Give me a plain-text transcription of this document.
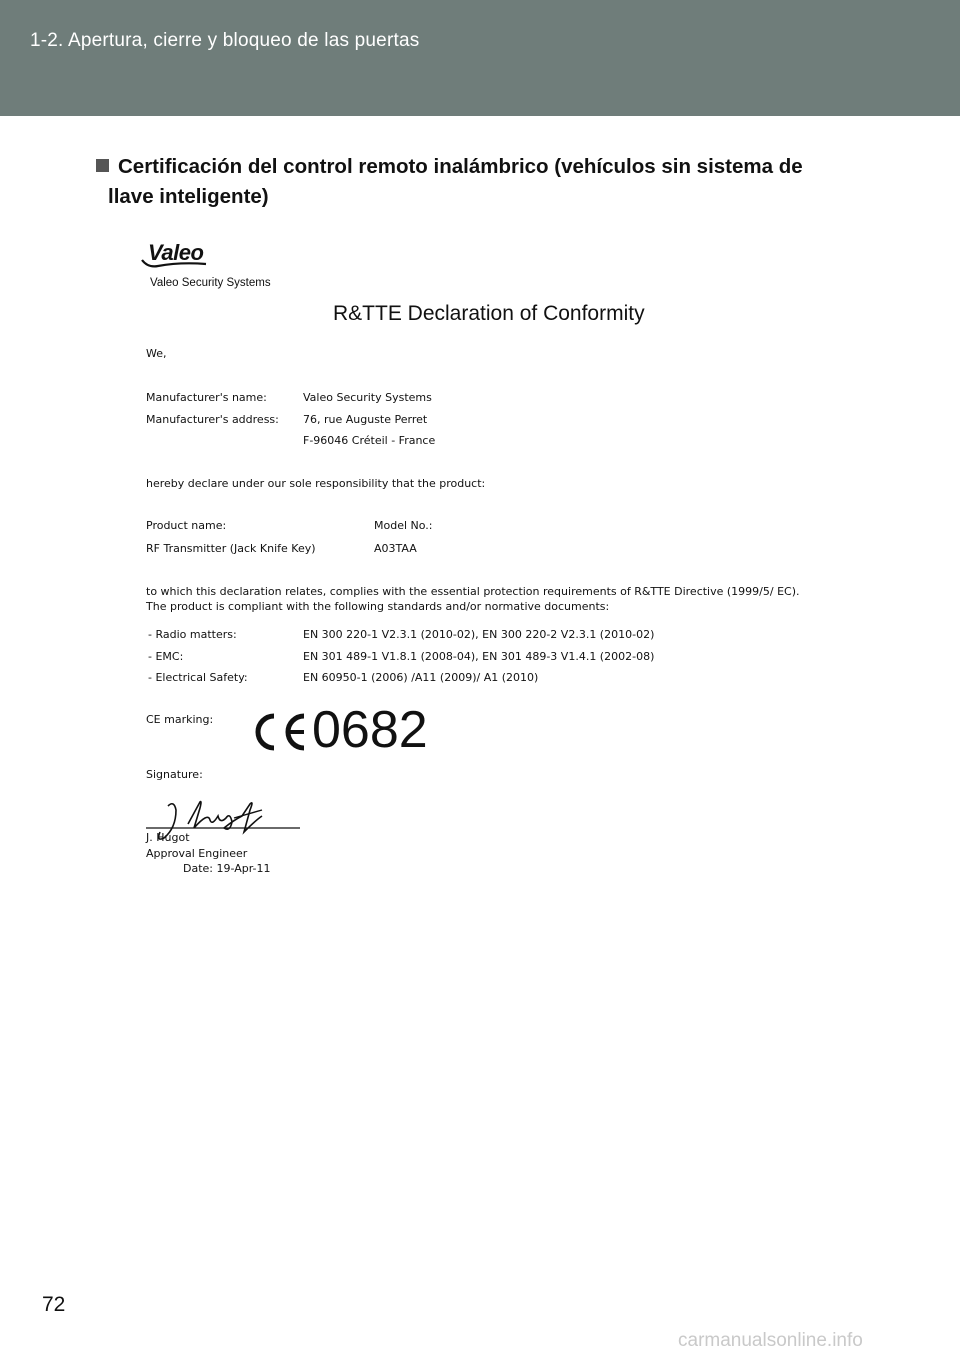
1-2. Apertura, cierre y bloqueo de las puertas
Certificación del control remoto inalámbrico (vehículos sin sistema de
llave inteligente)
Valeo
Valeo Security Systems
R&TTE Declaration of Conformity
We,
Manufacturer's name:	Valeo Security Systems
Manufacturer's address: 76, rue Auguste Perret
F-96046 Créteil - France
hereby declare under our sole responsibility that the product:
Product name:	Model No.:
RF Transmitter (Jack Knife Key)	A03TAA
to which this declaration relates, complies with the essential protection requirements of R&TTE Directive (1999/5/ EC).
The product is compliant with the following standards and/or normative documents:
- Radio matters:	EN 300 220-1 V2.3.1 (2010-02), EN 300 220-2 V2.3.1 (2010-02)
- EMC:	EN 301 489-1 V1.8.1 (2008-04), EN 301 489-3 V1.4.1 (2002-08)
- Electrical Safety:	EN 60950-1 (2006) /A11 (2009)/ A1 (2010)
CE marking: 0682
Signature:
J. Hugot
Approval Engineer
Date: 19-Apr-11
72
carmanualsonline.info
